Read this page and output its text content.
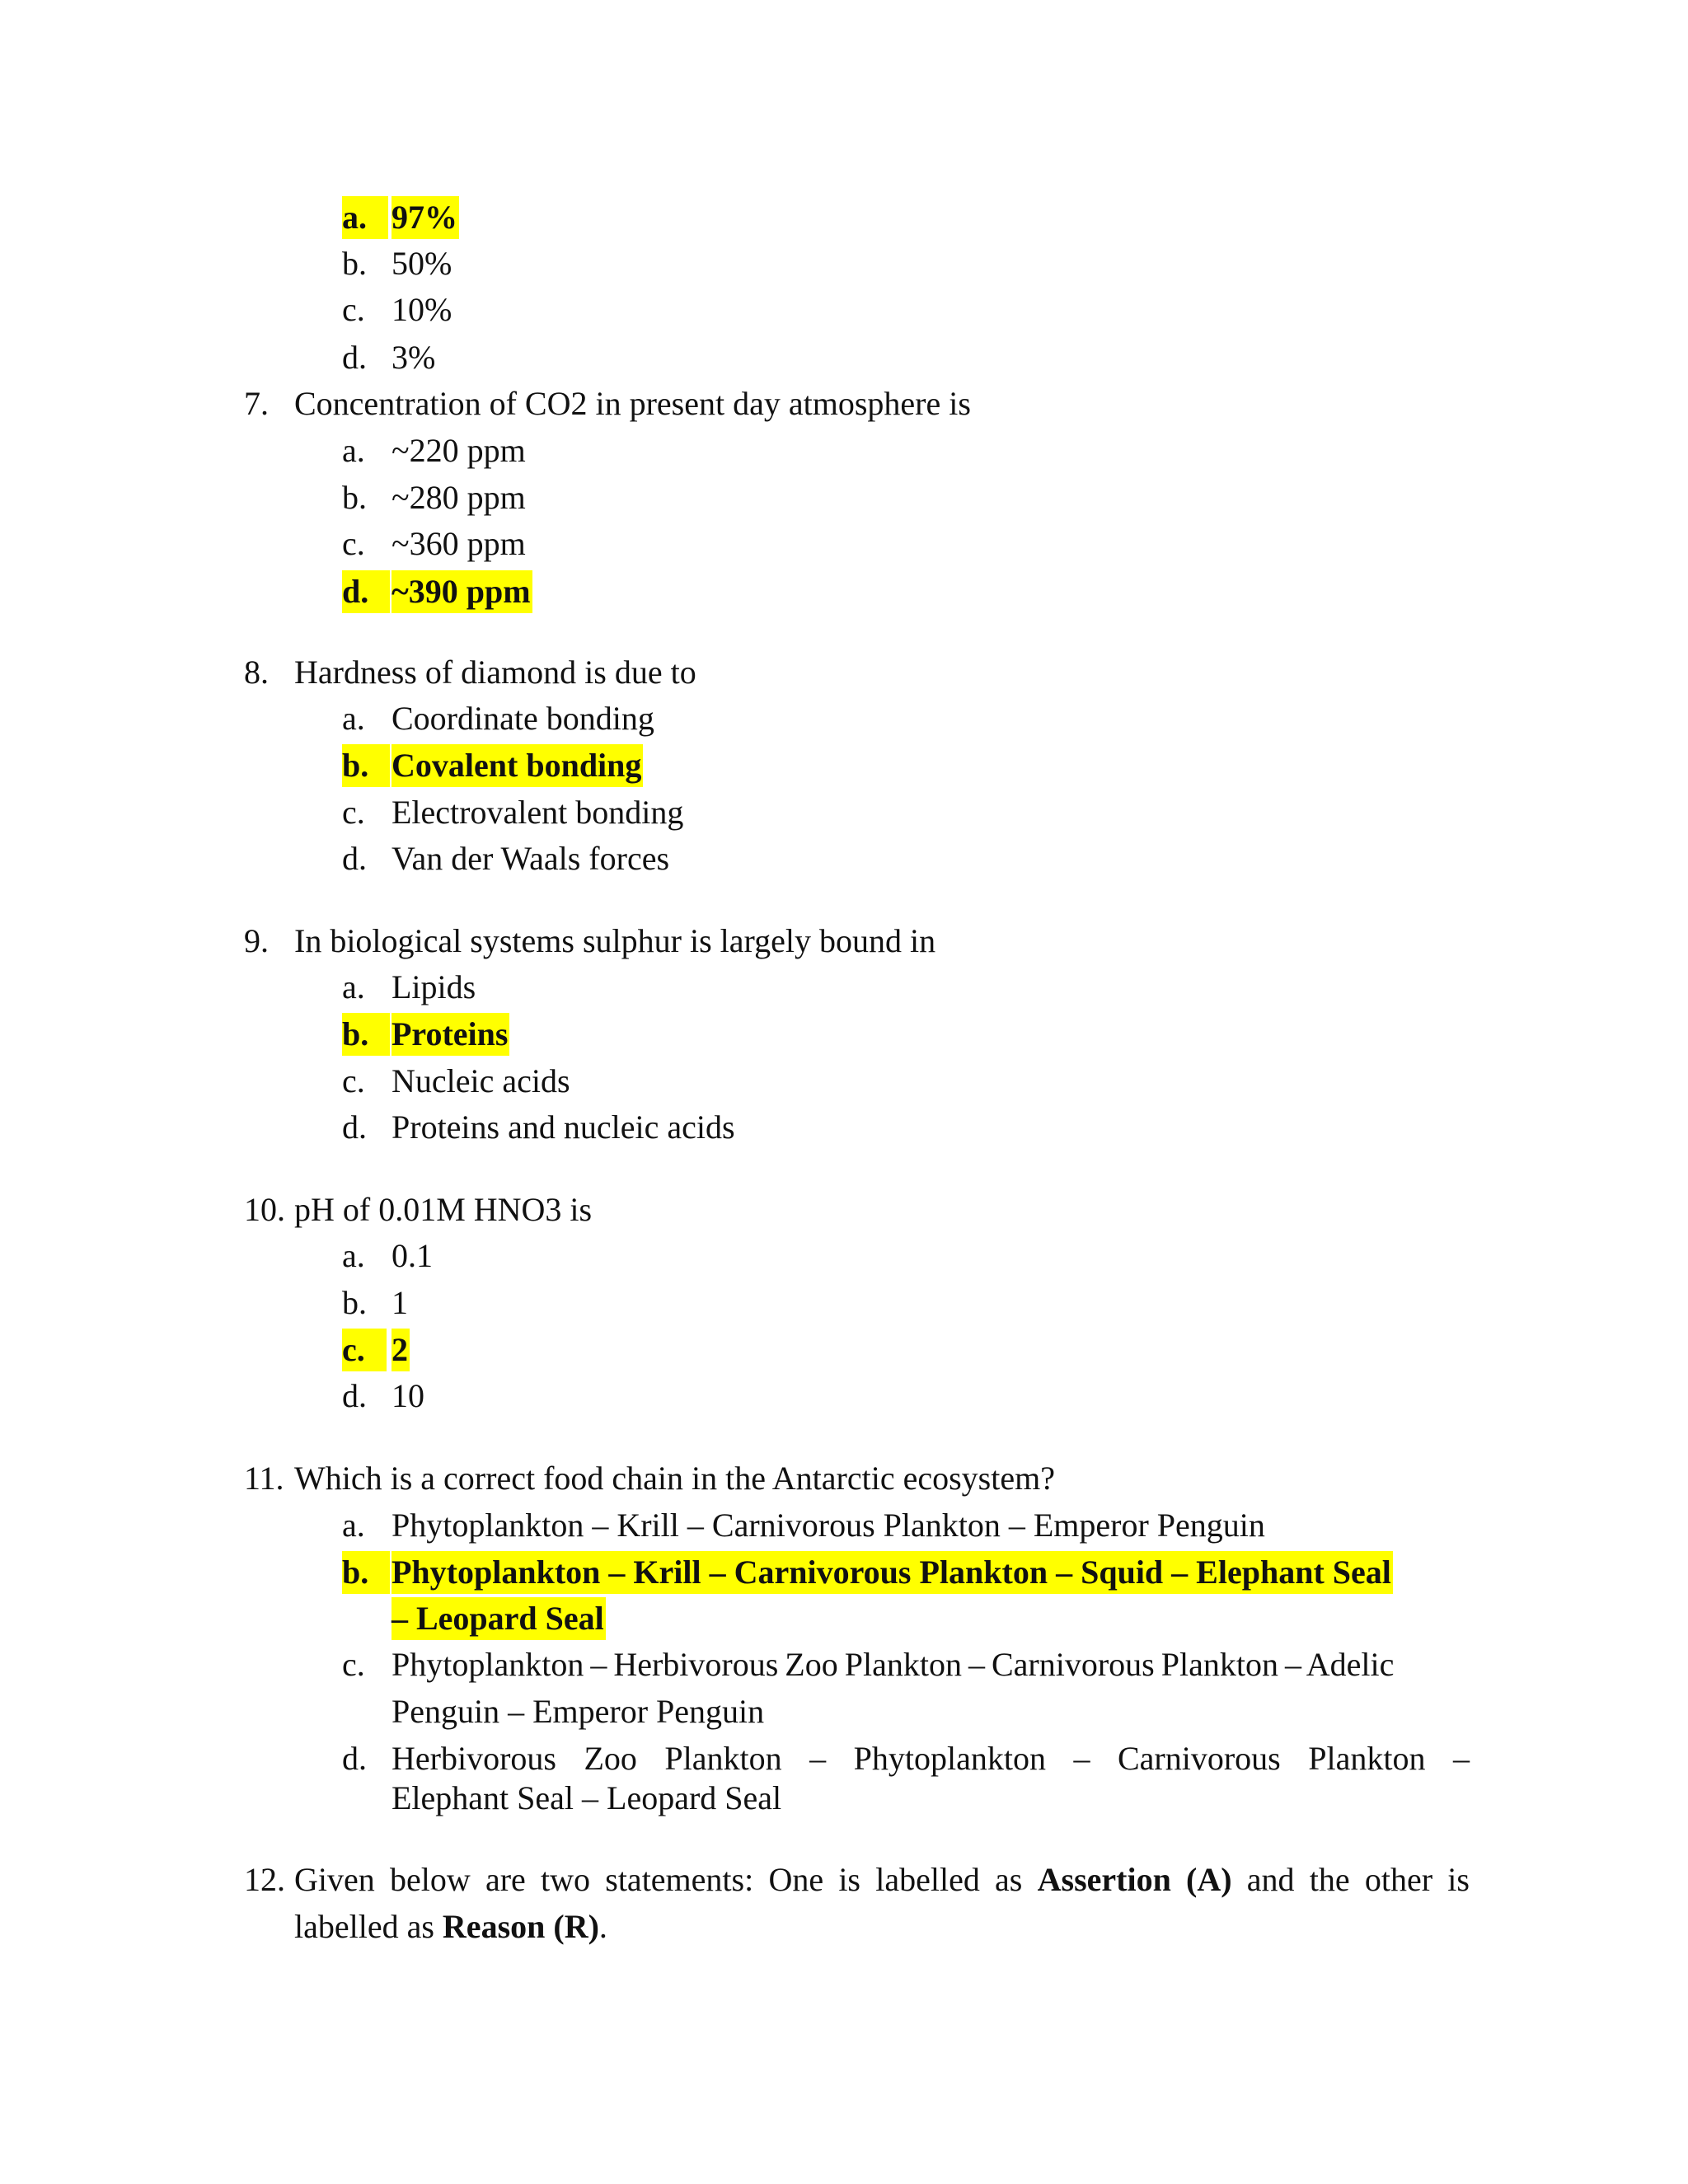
a. 97%
b. 50%
c. 10%
d. 3%
7. Concentration of CO2 in present day atmosphere is
a. ~220 ppm
b. ~280 ppm
c. ~360 ppm
d. ~390 ppm
8. Hardness of diamond is due to
a. Coordinate bonding
b. Covalent bonding
c. Electrovalent bonding
d. Van der Waals forces
9. In biological systems sulphur is largely bound in
a. Lipids
b. Proteins
c. Nucleic acids
d. Proteins and nucleic acids
10. pH of 0.01M HNO3 is
a. 0.1
b. 1
c. 2
d. 10
11. Which is a correct food chain in the Antarctic ecosystem?
a. Phytoplankton – Krill – Carnivorous Plankton – Emperor Penguin
b. Phytoplankton – Krill – Carnivorous Plankton – Squid – Elephant Seal
– Leopard Seal
c. Phytoplankton – Herbivorous Zoo Plankton – Carnivorous Plankton – Adelic
Penguin – Emperor Penguin
d. Herbivorous Zoo Plankton – Phytoplankton – Carnivorous Plankton –
Elephant Seal – Leopard Seal
12. Given below are two statements: One is labelled as Assertion (A) and the other is
labelled as Reason (R).
